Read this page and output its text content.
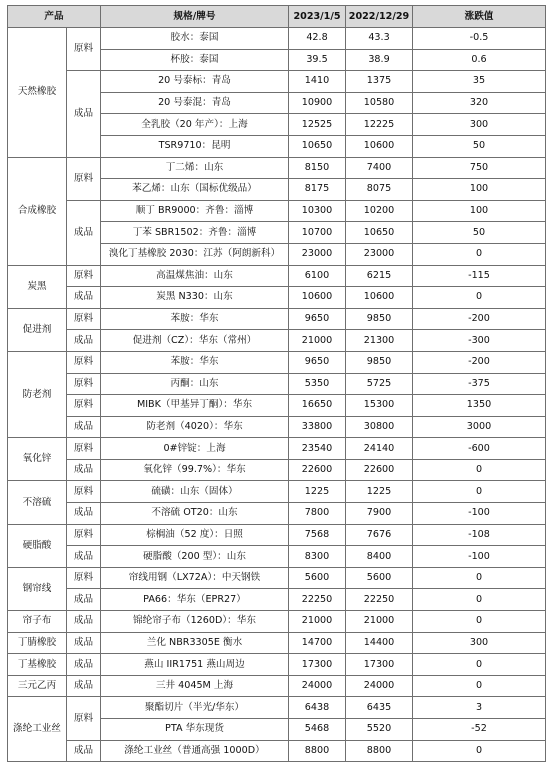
产品		规格/牌号	2023/1/5	2022/12/29	涨跌值
天然橡胶	原料	胶水：泰国	42.8	43.3	-0.5
		杯胶：泰国	39.5	38.9	0.6
	成品	20 号泰标：青岛	1410	1375	35
		20 号泰混：青岛	10900	10580	320
		全乳胶（20 年产）：上海	12525	12225	300
		TSR9710：昆明	10650	10600	50
合成橡胶	原料	丁二烯：山东	8150	7400	750
		苯乙烯：山东（国标优级品）	8175	8075	100
	成品	顺丁 BR9000：齐鲁：淄博	10300	10200	100
		丁苯 SBR1502：齐鲁：淄博	10700	10650	50
		溴化丁基橡胶 2030：江苏（阿朗新科）	23000	23000	0
炭黑	原料	高温煤焦油：山东	6100	6215	-115
	成品	炭黑 N330：山东	10600	10600	0
促进剂	原料	苯胺：华东	9650	9850	-200
	成品	促进剂（CZ）：华东（常州）	21000	21300	-300
防老剂	原料	苯胺：华东	9650	9850	-200
	原料	丙酮：山东	5350	5725	-375
	原料	MIBK（甲基异丁酮）：华东	16650	15300	1350
	成品	防老剂（4020）：华东	33800	30800	3000
氧化锌	原料	0#锌锭：上海	23540	24140	-600
	成品	氧化锌（99.7%）：华东	22600	22600	0
不溶硫	原料	硫磺：山东（固体）	1225	1225	0
	成品	不溶硫 OT20：山东	7800	7900	-100
硬脂酸	原料	棕榈油（52 度）：日照	7568	7676	-108
	成品	硬脂酸（200 型）：山东	8300	8400	-100
钢帘线	原料	帘线用钢（LX72A）：中天钢铁	5600	5600	0
	成品	PA66：华东（EPR27）	22250	22250	0
帘子布	成品	锦纶帘子布（1260D）：华东	21000	21000	0
丁腈橡胶	成品	兰化 NBR3305E 衡水	14700	14400	300
丁基橡胶	成品	燕山 IIR1751 燕山周边	17300	17300	0
三元乙丙	成品	三井 4045M 上海	24000	24000	0
涤纶工业丝	原料	聚酯切片（半光/华东）	6438	6435	3
		PTA 华东现货	5468	5520	-52
	成品	涤纶工业丝（普通高强 1000D）	8800	8800	0
